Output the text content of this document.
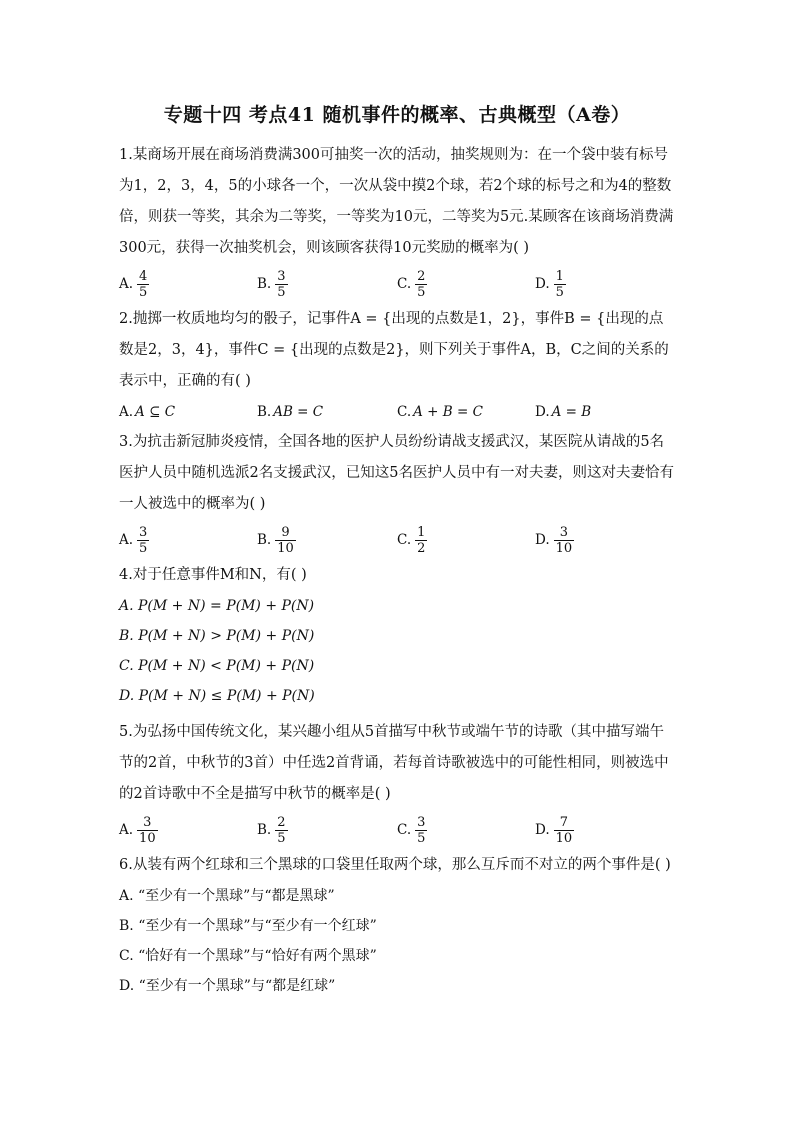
专题十四 考点41 随机事件的概率、古典概型（A卷）
1.某商场开展在商场消费满300可抽奖一次的活动，抽奖规则为：在一个袋中装有标号为1，2，3，4，5的小球各一个，一次从袋中摸2个球，若2个球的标号之和为4的整数倍，则获一等奖，其余为二等奖，一等奖为10元，二等奖为5元.某顾客在该商场消费满300元，获得一次抽奖机会，则该顾客获得10元奖励的概率为( )
A. $\frac{4}{5}$	B. $\frac{3}{5}$	C. $\frac{2}{5}$	D. $\frac{1}{5}$
2.抛掷一枚质地均匀的骰子，记事件A = {出现的点数是1，2}，事件B = {出现的点数是2，3，4}，事件C = {出现的点数是2}，则下列关于事件A，B，C之间的关系的表示中，正确的有( )
A. A ⊆ C	B. AB = C	C. A + B = C	D. A = B
3.为抗击新冠肺炎疫情，全国各地的医护人员纷纷请战支援武汉，某医院从请战的5名医护人员中随机选派2名支援武汉，已知这5名医护人员中有一对夫妻，则这对夫妻恰有一人被选中的概率为( )
A. $\frac{3}{5}$	B. $\frac{9}{10}$	C. $\frac{1}{2}$	D. $\frac{3}{10}$
4.对于任意事件M和N，有( )
A. P(M + N) = P(M) + P(N)
B. P(M + N) > P(M) + P(N)
C. P(M + N) < P(M) + P(N)
D. P(M + N) ≤ P(M) + P(N)
5.为弘扬中国传统文化，某兴趣小组从5首描写中秋节或端午节的诗歌（其中描写端午节的2首，中秋节的3首）中任选2首背诵，若每首诗歌被选中的可能性相同，则被选中的2首诗歌中不全是描写中秋节的概率是( )
A. $\frac{3}{10}$	B. $\frac{2}{5}$	C. $\frac{3}{5}$	D. $\frac{7}{10}$
6.从装有两个红球和三个黑球的口袋里任取两个球，那么互斥而不对立的两个事件是( )
A. “至少有一个黑球”与“都是黑球”
B. “至少有一个黑球”与“至少有一个红球”
C. “恰好有一个黑球”与“恰好有两个黑球”
D. “至少有一个黑球”与“都是红球”
